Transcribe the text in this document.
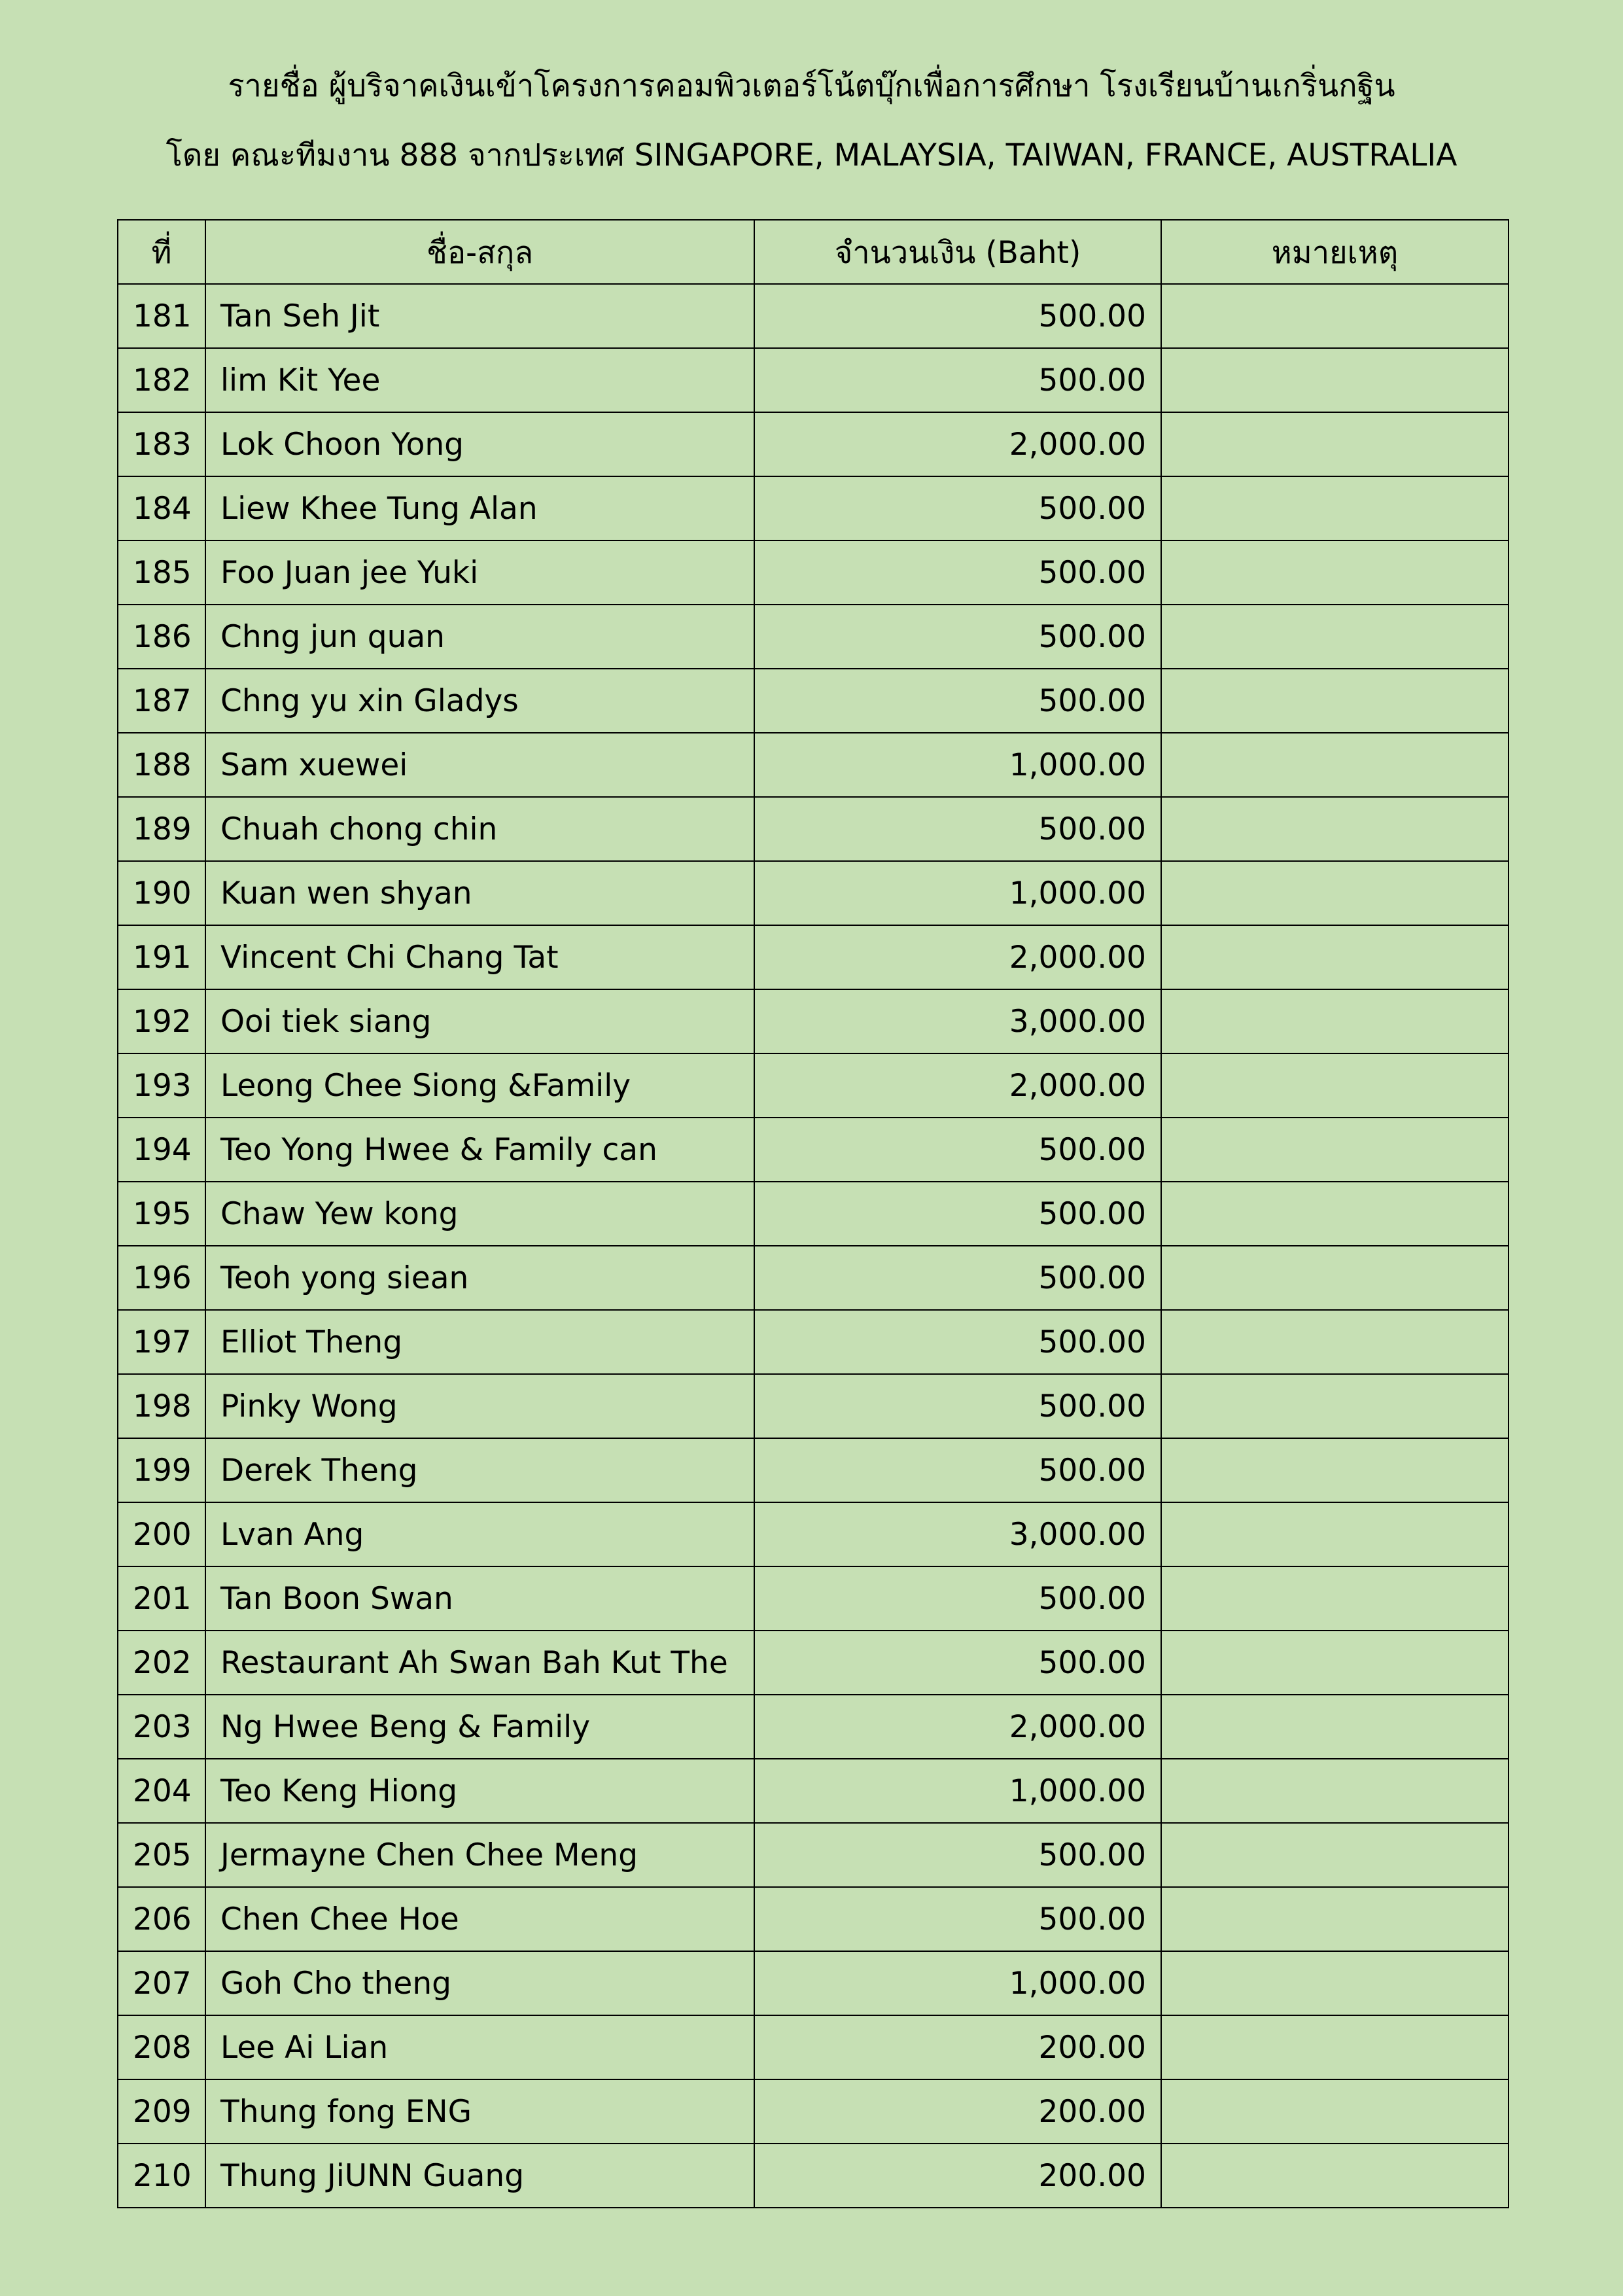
รายชื่อ ผู้บริจาคเงินเข้าโครงการคอมพิวเตอร์โน้ตบุ๊กเพื่อการศึกษา โรงเรียนบ้านเกริ่นกฐิน
โดย คณะทีมงาน 888 จากประเทศ SINGAPORE, MALAYSIA, TAIWAN, FRANCE, AUSTRALIA
ที่	ชื่อ-สกุล	จำนวนเงิน (Baht)	หมายเหตุ
181	Tan Seh Jit	500.00	
182	lim Kit Yee	500.00	
183	Lok Choon Yong	2,000.00	
184	Liew Khee Tung Alan	500.00	
185	Foo Juan jee Yuki	500.00	
186	Chng jun quan	500.00	
187	Chng yu xin Gladys	500.00	
188	Sam xuewei	1,000.00	
189	Chuah chong chin	500.00	
190	Kuan wen shyan	1,000.00	
191	Vincent Chi Chang Tat	2,000.00	
192	Ooi tiek siang	3,000.00	
193	Leong Chee Siong &Family	2,000.00	
194	Teo Yong Hwee & Family can	500.00	
195	Chaw Yew kong	500.00	
196	Teoh yong siean	500.00	
197	Elliot Theng	500.00	
198	Pinky Wong	500.00	
199	Derek Theng	500.00	
200	Lvan Ang	3,000.00	
201	Tan Boon Swan	500.00	
202	Restaurant Ah Swan Bah Kut The	500.00	
203	Ng Hwee Beng & Family	2,000.00	
204	Teo Keng Hiong	1,000.00	
205	Jermayne Chen Chee Meng	500.00	
206	Chen Chee Hoe	500.00	
207	Goh Cho theng	1,000.00	
208	Lee Ai Lian	200.00	
209	Thung fong ENG	200.00	
210	Thung JiUNN Guang	200.00	
